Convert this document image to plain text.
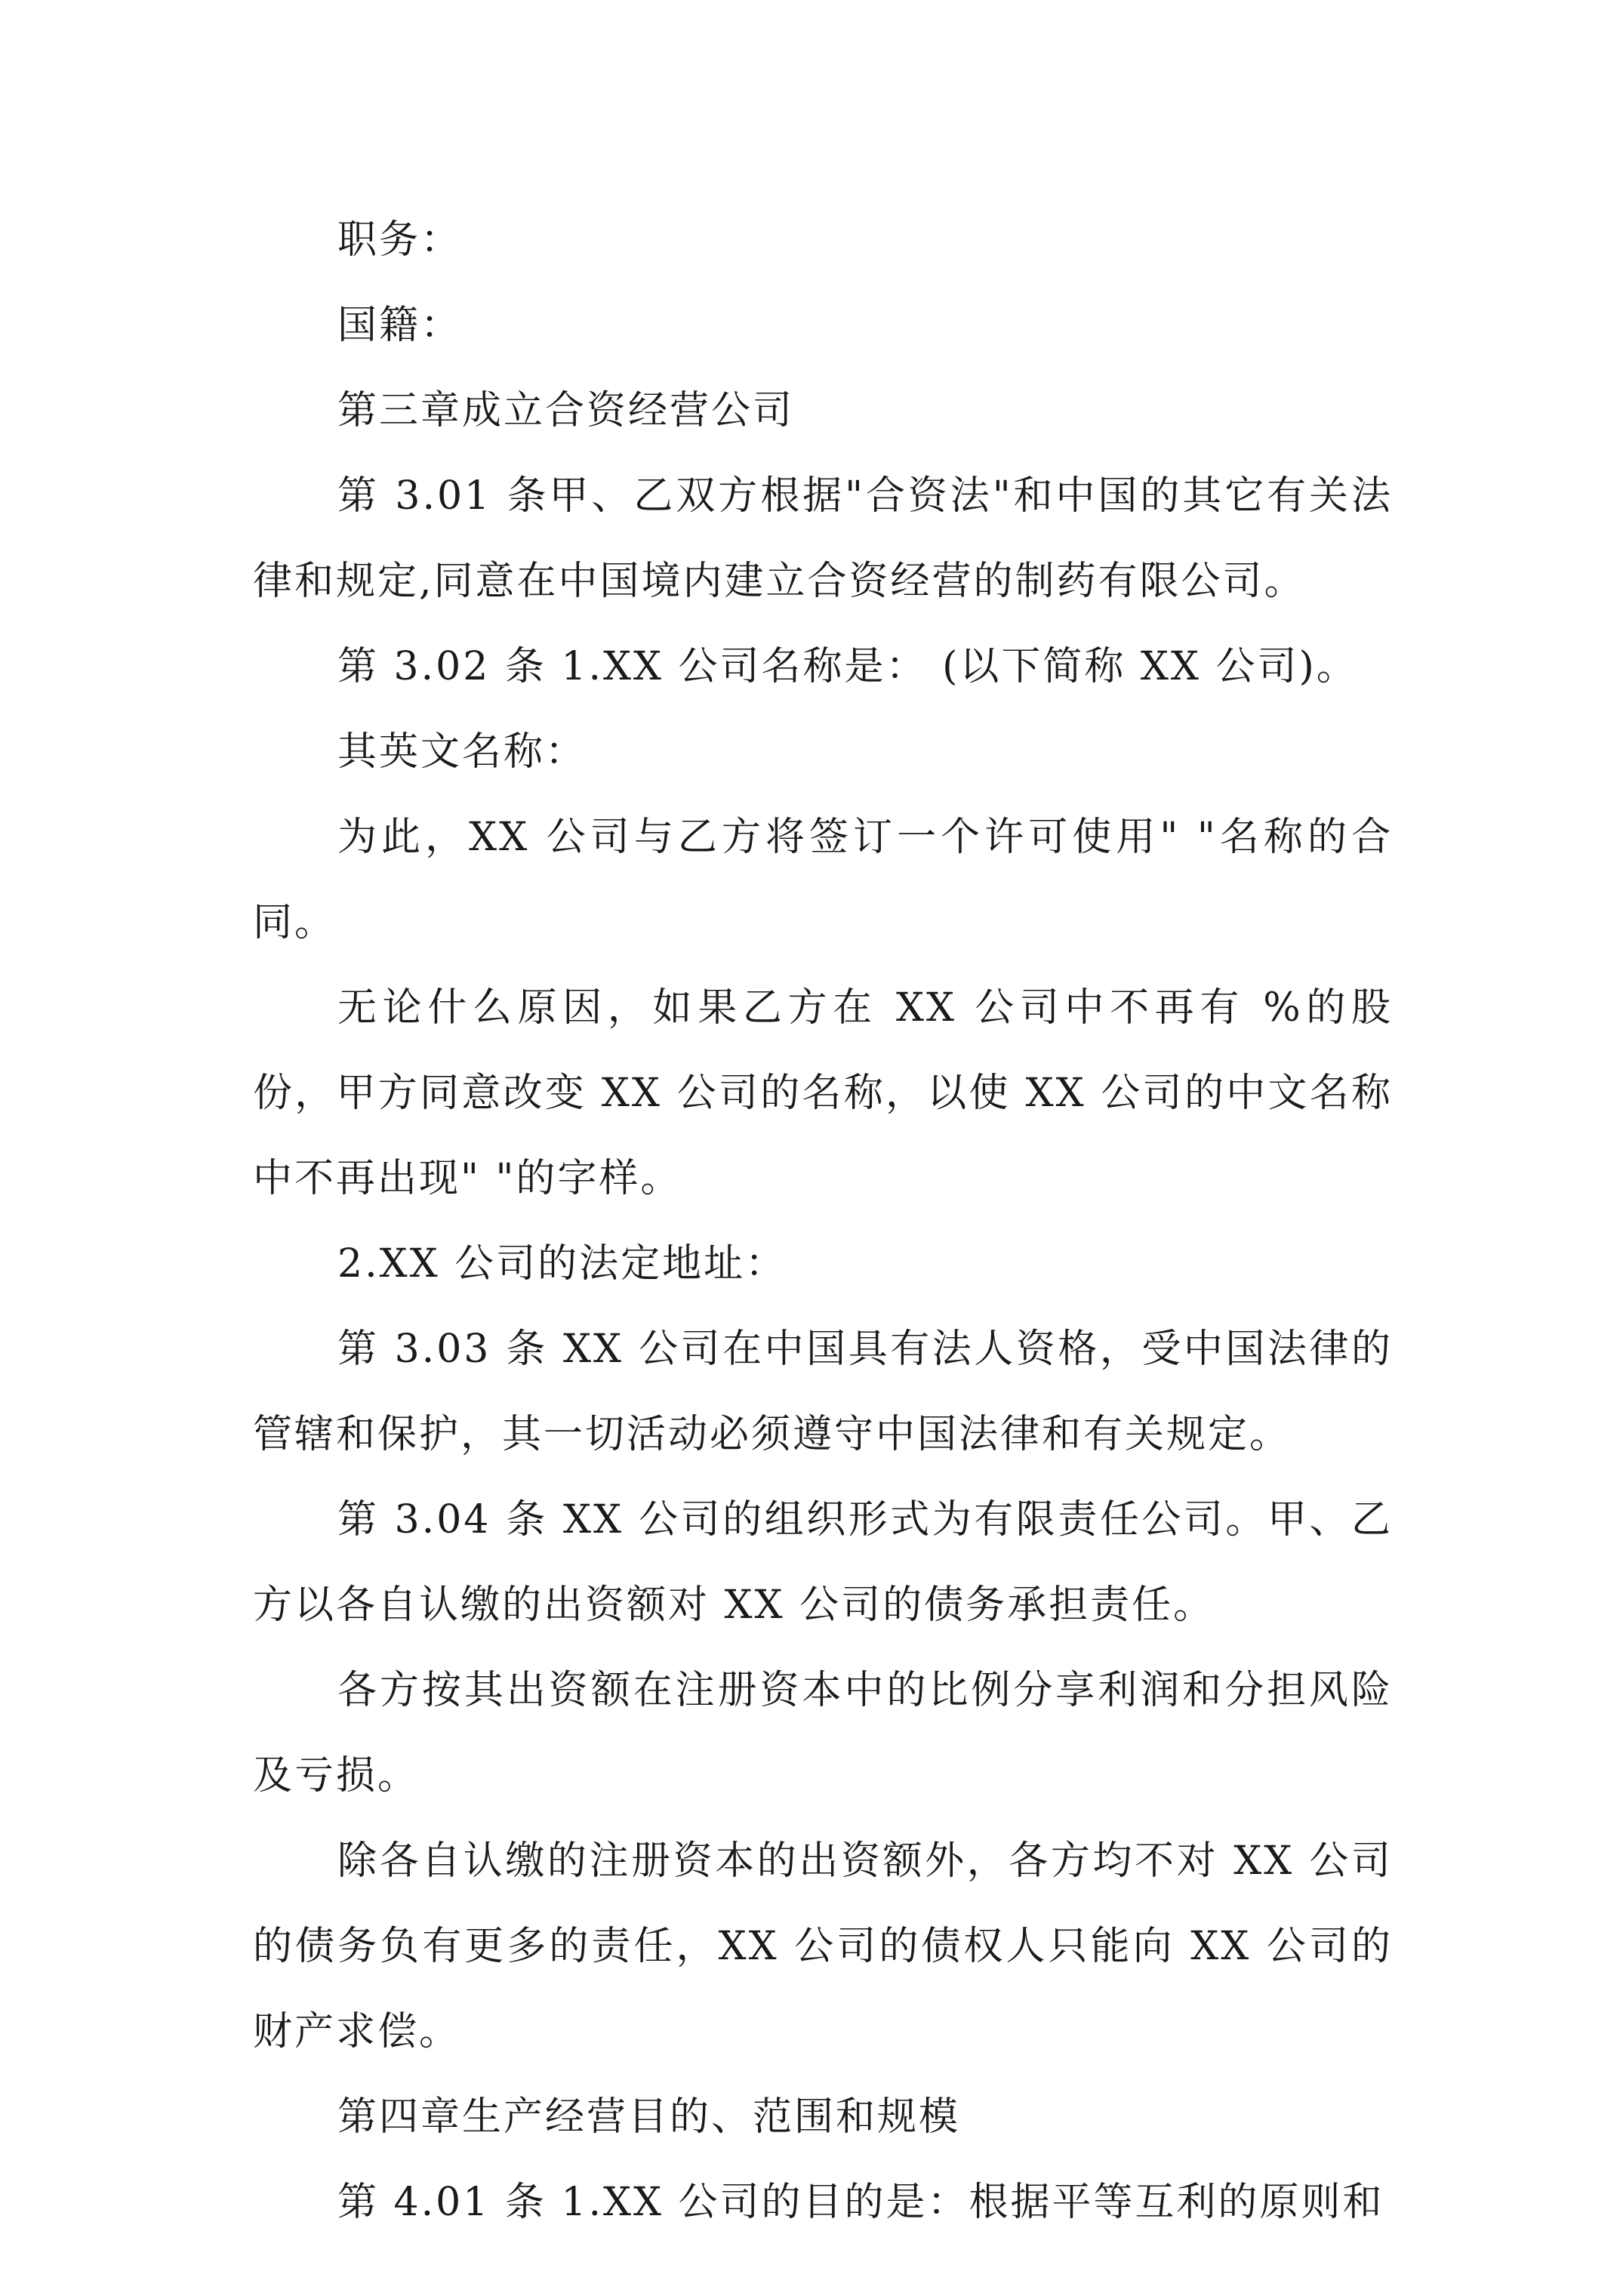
职务：

国籍：

第三章成立合资经营公司

第 3.01 条甲、乙双方根据"合资法"和中国的其它有关法律和规定,同意在中国境内建立合资经营的制药有限公司。

第 3.02 条 1.XX 公司名称是： (以下简称 XX 公司)。

其英文名称：

为此，XX 公司与乙方将签订一个许可使用" "名称的合同。

无论什么原因，如果乙方在 XX 公司中不再有 %的股份，甲方同意改变 XX 公司的名称，以使 XX 公司的中文名称中不再出现" "的字样。

2.XX 公司的法定地址：

第 3.03 条 XX 公司在中国具有法人资格，受中国法律的管辖和保护，其一切活动必须遵守中国法律和有关规定。

第 3.04 条 XX 公司的组织形式为有限责任公司。甲、乙方以各自认缴的出资额对 XX 公司的债务承担责任。

各方按其出资额在注册资本中的比例分享利润和分担风险及亏损。

除各自认缴的注册资本的出资额外，各方均不对 XX 公司的债务负有更多的责任，XX 公司的债权人只能向 XX 公司的财产求偿。

第四章生产经营目的、范围和规模

第 4.01 条 1.XX 公司的目的是：根据平等互利的原则和
